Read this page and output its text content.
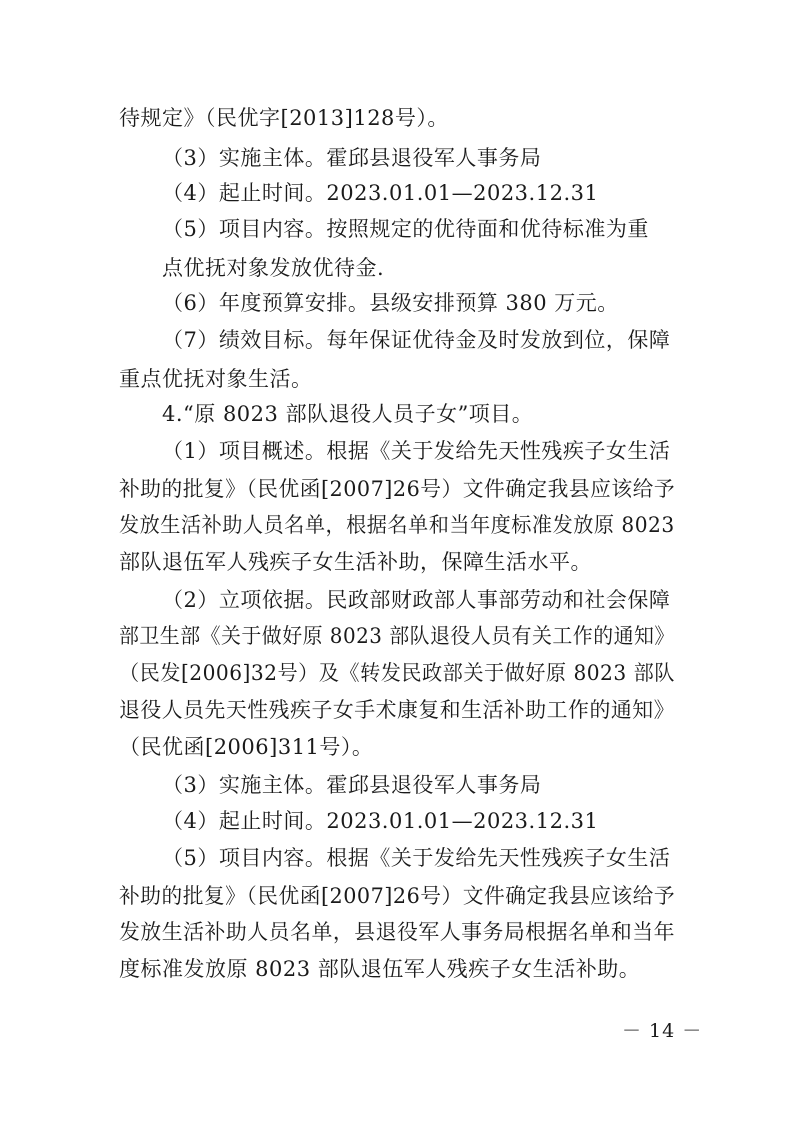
待规定》（民优字[2013]128号）。
（3）实施主体。霍邱县退役军人事务局
（4）起止时间。2023.01.01—2023.12.31
（5）项目内容。按照规定的优待面和优待标准为重
点优抚对象发放优待金.
（6）年度预算安排。县级安排预算 380 万元。
（7）绩效目标。每年保证优待金及时发放到位，保障
重点优抚对象生活。
4.“原 8023 部队退役人员子女”项目。
（1）项目概述。根据《关于发给先天性残疾子女生活
补助的批复》（民优函[2007]26号）文件确定我县应该给予
发放生活补助人员名单，根据名单和当年度标准发放原 8023
部队退伍军人残疾子女生活补助，保障生活水平。
（2）立项依据。民政部财政部人事部劳动和社会保障
部卫生部《关于做好原 8023 部队退役人员有关工作的通知》
（民发[2006]32号）及《转发民政部关于做好原 8023 部队
退役人员先天性残疾子女手术康复和生活补助工作的通知》
（民优函[2006]311号）。
（3）实施主体。霍邱县退役军人事务局
（4）起止时间。2023.01.01—2023.12.31
（5）项目内容。根据《关于发给先天性残疾子女生活
补助的批复》（民优函[2007]26号）文件确定我县应该给予
发放生活补助人员名单，县退役军人事务局根据名单和当年
度标准发放原 8023 部队退伍军人残疾子女生活补助。
－ 14 －
